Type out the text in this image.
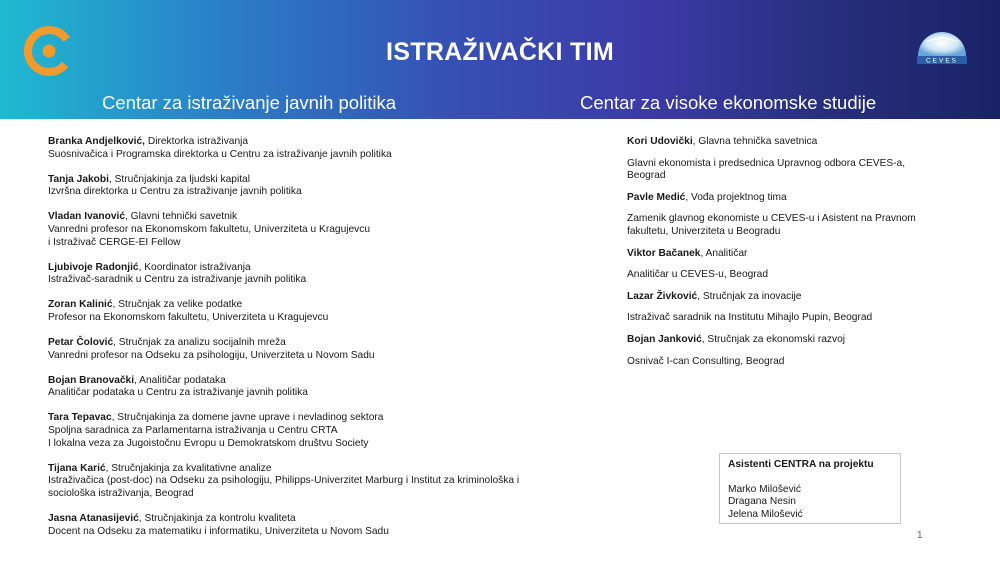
ISTRAŽIVAČKI TIM	CEVES
Centar za istraživanje javnih politika	Centar za visoke ekonomske studije
Branka Andjelković, Direktorka istraživanja
Suosnivačica i Programska direktorka u Centru za istraživanje javnih politika
Tanja Jakobi, Stručnjakinja za ljudski kapital
Izvršna direktorka u Centru za istraživanje javnih politika
Vladan Ivanović, Glavni tehnički savetnik
Vanredni profesor na Ekonomskom fakultetu, Univerziteta u Kragujevcu
i Istraživač CERGE-EI Fellow
Ljubivoje Radonjić, Koordinator istraživanja
Istraživač-saradnik u Centru za istraživanje javnih politika
Zoran Kalinić, Stručnjak za velike podatke
Profesor na Ekonomskom fakultetu, Univerziteta u Kragujevcu
Petar Čolović, Stručnjak za analizu socijalnih mreža
Vanredni profesor na Odseku za psihologiju, Univerziteta u Novom Sadu
Bojan Branovački, Analitičar podataka
Analitičar podataka u Centru za istraživanje javnih politika
Tara Tepavac, Stručnjakinja za domene javne uprave i nevladinog sektora
Spoljna saradnica za Parlamentarna istraživanja u Centru CRTA
I lokalna veza za Jugoistočnu Evropu u Demokratskom društvu Society
Tijana Karić, Stručnjakinja za kvalitativne analize
Istraživačica (post-doc) na Odseku za psihologiju, Philipps-Univerzitet Marburg i Institut za kriminološka i
sociološka istraživanja, Beograd
Jasna Atanasijević, Stručnjakinja za kontrolu kvaliteta
Docent na Odseku za matematiku i informatiku, Univerziteta u Novom Sadu
Kori Udovički, Glavna tehnička savetnica
Glavni ekonomista i predsednica Upravnog odbora CEVES-a,
Beograd
Pavle Medić, Vođa projektnog tima
Zamenik glavnog ekonomiste u CEVES-u i Asistent na Pravnom
fakultetu, Univerziteta u Beogradu
Viktor Bačanek, Analitičar
Analitičar u CEVES-u, Beograd
Lazar Živković, Stručnjak za inovacije
Istraživač saradnik na Institutu Mihajlo Pupin, Beograd
Bojan Janković, Stručnjak za ekonomski razvoj
Osnivač I-can Consulting, Beograd
Asistenti CENTRA na projektu
Marko Milošević
Dragana Nesin
Jelena Milošević
1
